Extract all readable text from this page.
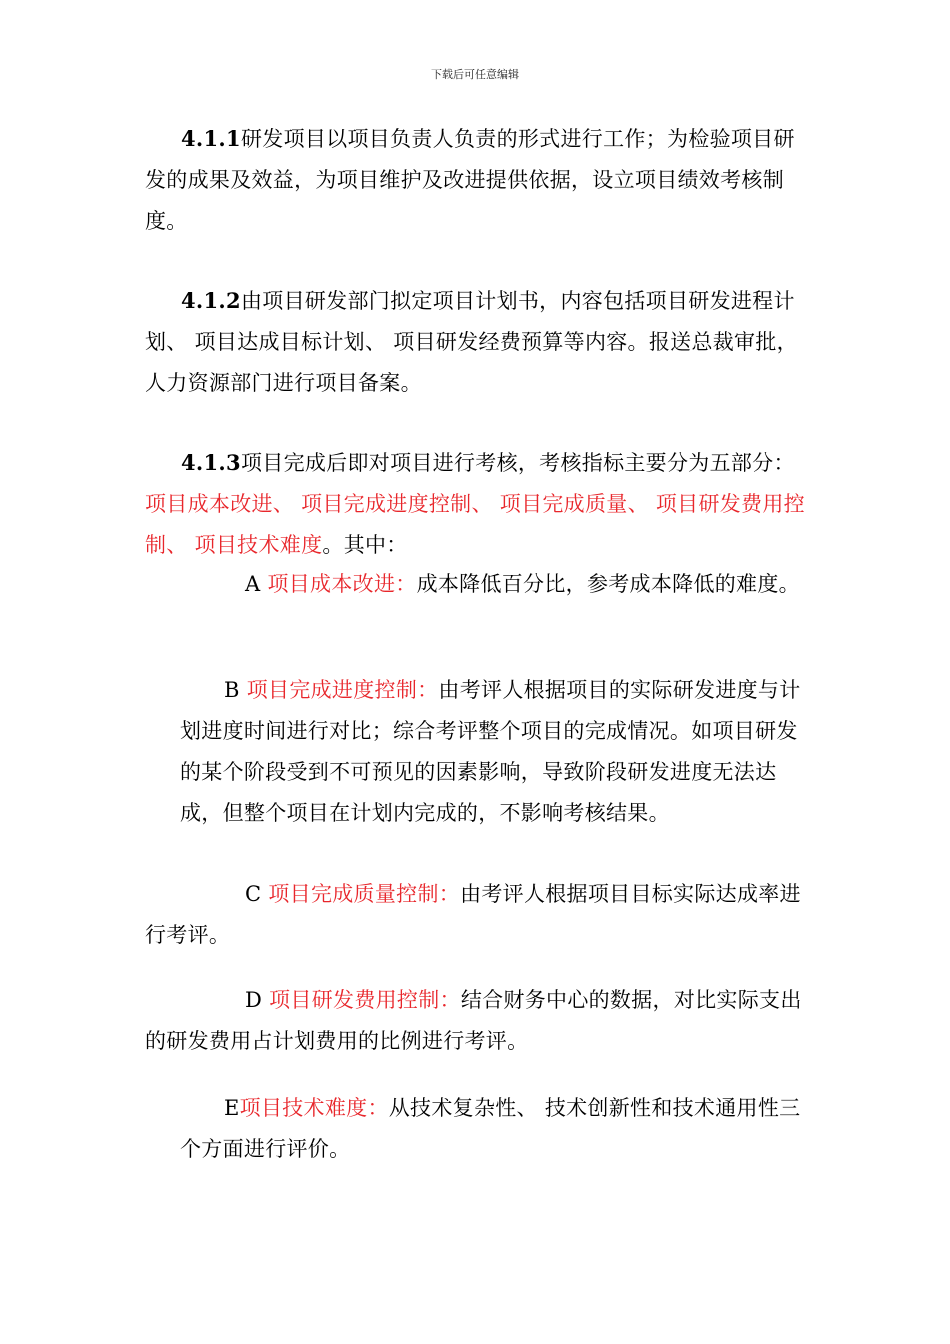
下载后可任意编辑
4.1.1研发项目以项目负责人负责的形式进行工作；为检验项目研发的成果及效益，为项目维护及改进提供依据，设立项目绩效考核制度。
4.1.2由项目研发部门拟定项目计划书，内容包括项目研发进程计划、 项目达成目标计划、 项目研发经费预算等内容。报送总裁审批，人力资源部门进行项目备案。
4.1.3项目完成后即对项目进行考核，考核指标主要分为五部分：项目成本改进、 项目完成进度控制、 项目完成质量、 项目研发费用控制、 项目技术难度。其中：
A 项目成本改进：成本降低百分比，参考成本降低的难度。
B 项目完成进度控制：由考评人根据项目的实际研发进度与计划进度时间进行对比；综合考评整个项目的完成情况。如项目研发的某个阶段受到不可预见的因素影响，导致阶段研发进度无法达成，但整个项目在计划内完成的，不影响考核结果。
C 项目完成质量控制：由考评人根据项目目标实际达成率进行考评。
D 项目研发费用控制：结合财务中心的数据，对比实际支出的研发费用占计划费用的比例进行考评。
E项目技术难度：从技术复杂性、 技术创新性和技术通用性三个方面进行评价。
